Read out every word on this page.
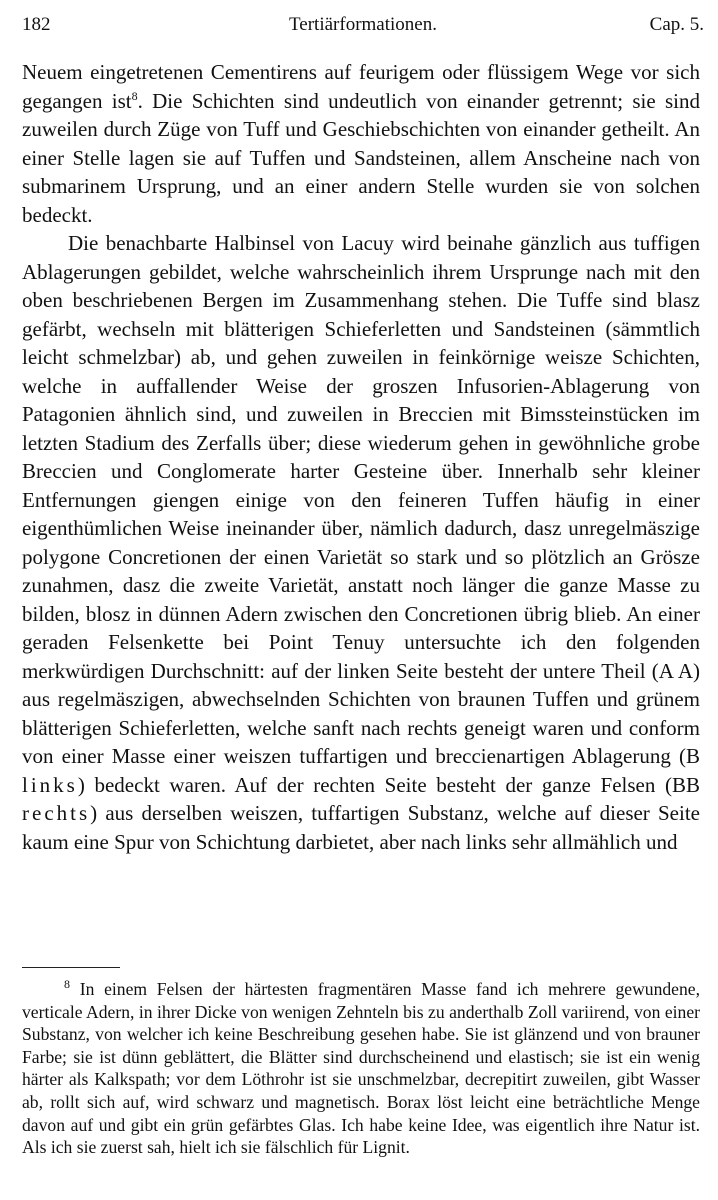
182	Tertiärformationen.	Cap. 5.

Neuem eingetretenen Cementirens auf feurigem oder flüssigem Wege vor sich gegangen ist$^8$. Die Schichten sind undeutlich von einander getrennt; sie sind zuweilen durch Züge von Tuff und Geschiebschichten von einander getheilt. An einer Stelle lagen sie auf Tuffen und Sandsteinen, allem Anscheine nach von submarinem Ursprung, und an einer andern Stelle wurden sie von solchen bedeckt.

Die benachbarte Halbinsel von Lacuy wird beinahe gänzlich aus tuffigen Ablagerungen gebildet, welche wahrscheinlich ihrem Ursprunge nach mit den oben beschriebenen Bergen im Zusammenhang stehen. Die Tuffe sind blasz gefärbt, wechseln mit blätterigen Schieferletten und Sandsteinen (sämmtlich leicht schmelzbar) ab, und gehen zuweilen in feinkörnige weisze Schichten, welche in auffallender Weise der groszen Infusorien-Ablagerung von Patagonien ähnlich sind, und zuweilen in Breccien mit Bimssteinstücken im letzten Stadium des Zerfalls über; diese wiederum gehen in gewöhnliche grobe Breccien und Conglomerate harter Gesteine über. Innerhalb sehr kleiner Entfernungen giengen einige von den feineren Tuffen häufig in einer eigenthümlichen Weise ineinander über, nämlich dadurch, dasz unregelmäszige polygone Concretionen der einen Varietät so stark und so plötzlich an Grösze zunahmen, dasz die zweite Varietät, anstatt noch länger die ganze Masse zu bilden, blosz in dünnen Adern zwischen den Concretionen übrig blieb. An einer geraden Felsenkette bei Point Tenuy untersuchte ich den folgenden merkwürdigen Durchschnitt: auf der linken Seite besteht der untere Theil (A A) aus regelmäszigen, abwechselnden Schichten von braunen Tuffen und grünem blätterigen Schieferletten, welche sanft nach rechts geneigt waren und conform von einer Masse einer weiszen tuffartigen und breccienartigen Ablagerung (B links) bedeckt waren. Auf der rechten Seite besteht der ganze Felsen (BB rechts) aus derselben weiszen, tuffartigen Substanz, welche auf dieser Seite kaum eine Spur von Schichtung darbietet, aber nach links sehr allmählich und

$^8$ In einem Felsen der härtesten fragmentären Masse fand ich mehrere gewundene, verticale Adern, in ihrer Dicke von wenigen Zehnteln bis zu anderthalb Zoll variirend, von einer Substanz, von welcher ich keine Beschreibung gesehen habe. Sie ist glänzend und von brauner Farbe; sie ist dünn geblättert, die Blätter sind durchscheinend und elastisch; sie ist ein wenig härter als Kalkspath; vor dem Löthrohr ist sie unschmelzbar, decrepitirt zuweilen, gibt Wasser ab, rollt sich auf, wird schwarz und magnetisch. Borax löst leicht eine beträchtliche Menge davon auf und gibt ein grün gefärbtes Glas. Ich habe keine Idee, was eigentlich ihre Natur ist. Als ich sie zuerst sah, hielt ich sie fälschlich für Lignit.
